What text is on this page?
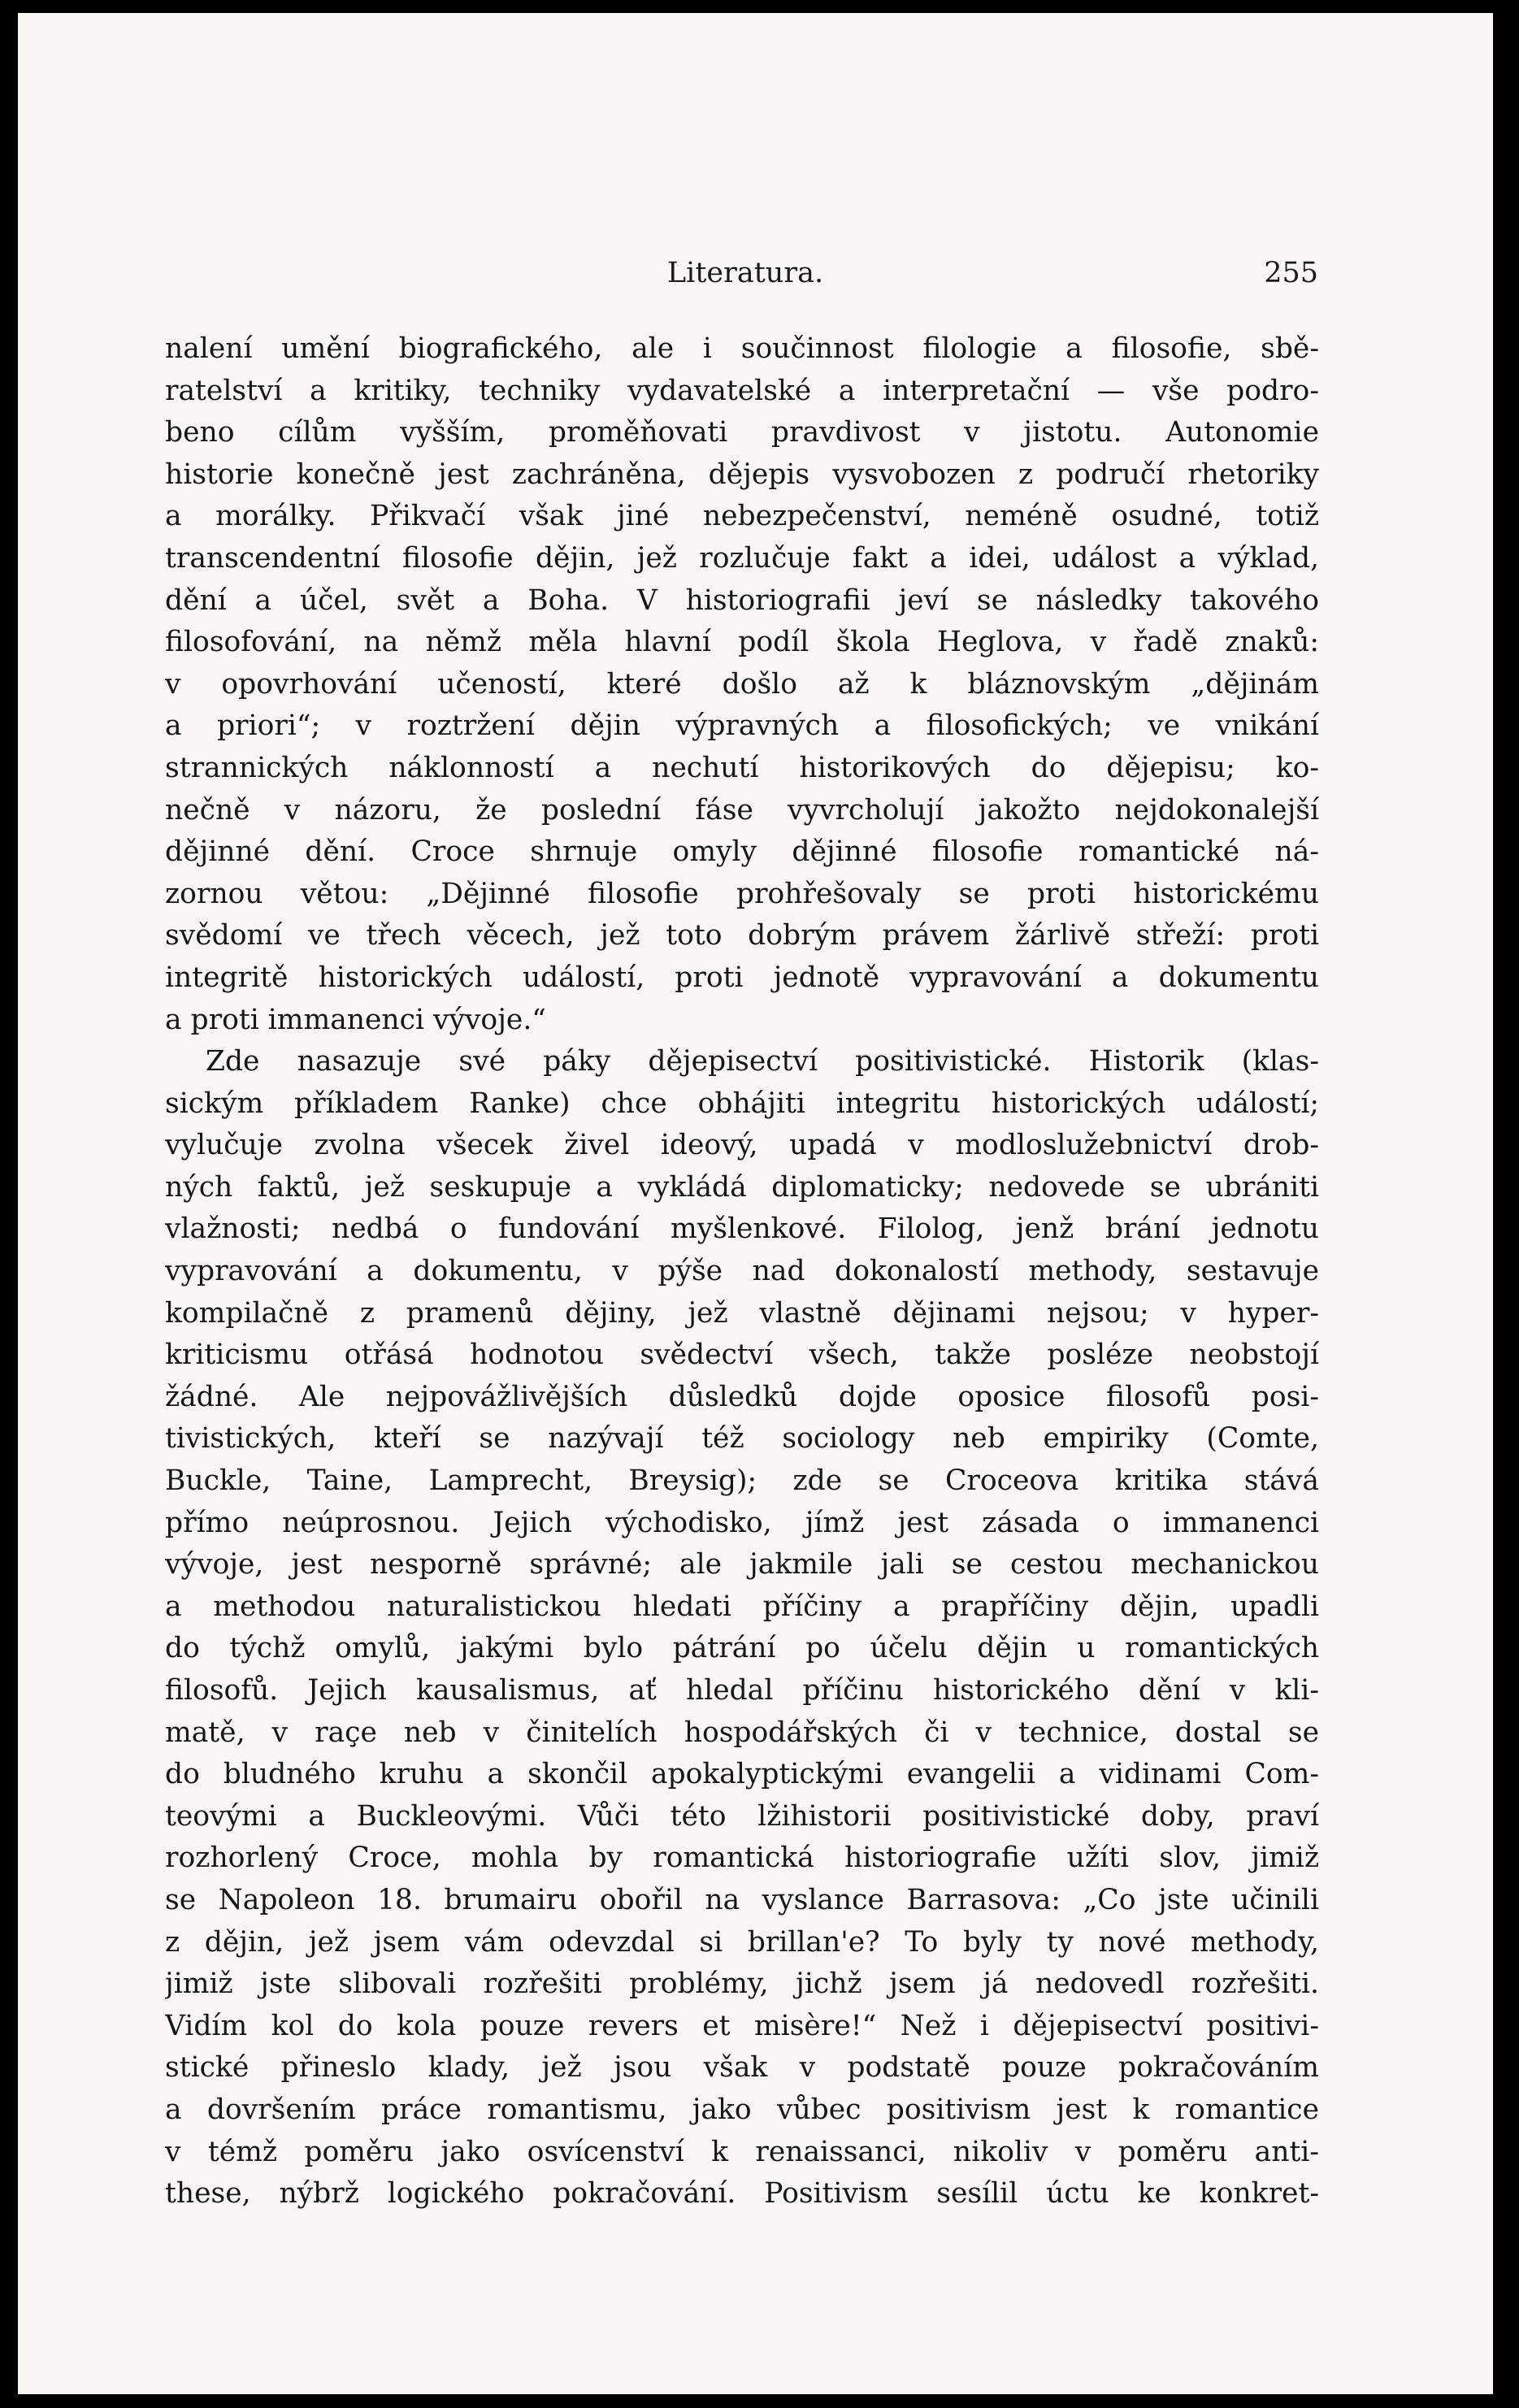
Literatura.	255
nalení umění biografického, ale i součinnost filologie a filosofie, sbě-
ratelství a kritiky, techniky vydavatelské a interpretační — vše podro-
beno cílům vyšším, proměňovati pravdivost v jistotu. Autonomie
historie konečně jest zachráněna, dějepis vysvobozen z područí rhetoriky
a morálky. Přikvačí však jiné nebezpečenství, neméně osudné, totiž
transcendentní filosofie dějin, jež rozlučuje fakt a idei, událost a výklad,
dění a účel, svět a Boha. V historiografii jeví se následky takového
filosofování, na němž měla hlavní podíl škola Heglova, v řadě znaků:
v opovrhování učeností, které došlo až k bláznovským „dějinám
a priori“; v roztržení dějin výpravných a filosofických; ve vnikání
strannických náklonností a nechutí historikových do dějepisu; ko-
nečně v názoru, že poslední fáse vyvrcholují jakožto nejdokonalejší
dějinné dění. Croce shrnuje omyly dějinné filosofie romantické ná-
zornou větou: „Dějinné filosofie prohřešovaly se proti historickému
svědomí ve třech věcech, jež toto dobrým právem žárlivě střeží: proti
integritě historických událostí, proti jednotě vypravování a dokumentu
a proti immanenci vývoje.“
Zde nasazuje své páky dějepisectví positivistické. Historik (klas-
sickým příkladem Ranke) chce obhájiti integritu historických událostí;
vylučuje zvolna všecek živel ideový, upadá v modloslužebnictví drob-
ných faktů, jež seskupuje a vykládá diplomaticky; nedovede se ubrániti
vlažnosti; nedbá o fundování myšlenkové. Filolog, jenž brání jednotu
vypravování a dokumentu, v pýše nad dokonalostí methody, sestavuje
kompilačně z pramenů dějiny, jež vlastně dějinami nejsou; v hyper-
kriticismu otřásá hodnotou svědectví všech, takže posléze neobstojí
žádné. Ale nejpovážlivějších důsledků dojde oposice filosofů posi-
tivistických, kteří se nazývají též sociology neb empiriky (Comte,
Buckle, Taine, Lamprecht, Breysig); zde se Croceova kritika stává
přímo neúprosnou. Jejich východisko, jímž jest zásada o immanenci
vývoje, jest nesporně správné; ale jakmile jali se cestou mechanickou
a methodou naturalistickou hledati příčiny a prapříčiny dějin, upadli
do týchž omylů, jakými bylo pátrání po účelu dějin u romantických
filosofů. Jejich kausalismus, ať hledal příčinu historického dění v kli-
matě, v raçe neb v činitelích hospodářských či v technice, dostal se
do bludného kruhu a skončil apokalyptickými evangelii a vidinami Com-
teovými a Buckleovými. Vůči této lžihistorii positivistické doby, praví
rozhorlený Croce, mohla by romantická historiografie užíti slov, jimiž
se Napoleon 18. brumairu obořil na vyslance Barrasova: „Co jste učinili
z dějin, jež jsem vám odevzdal si brillan'e? To byly ty nové methody,
jimiž jste slibovali rozřešiti problémy, jichž jsem já nedovedl rozřešiti.
Vidím kol do kola pouze revers et misère!“ Než i dějepisectví positivi-
stické přineslo klady, jež jsou však v podstatě pouze pokračováním
a dovršením práce romantismu, jako vůbec positivism jest k romantice
v témž poměru jako osvícenství k renaissanci, nikoliv v poměru anti-
these, nýbrž logického pokračování. Positivism sesílil úctu ke konkret-
